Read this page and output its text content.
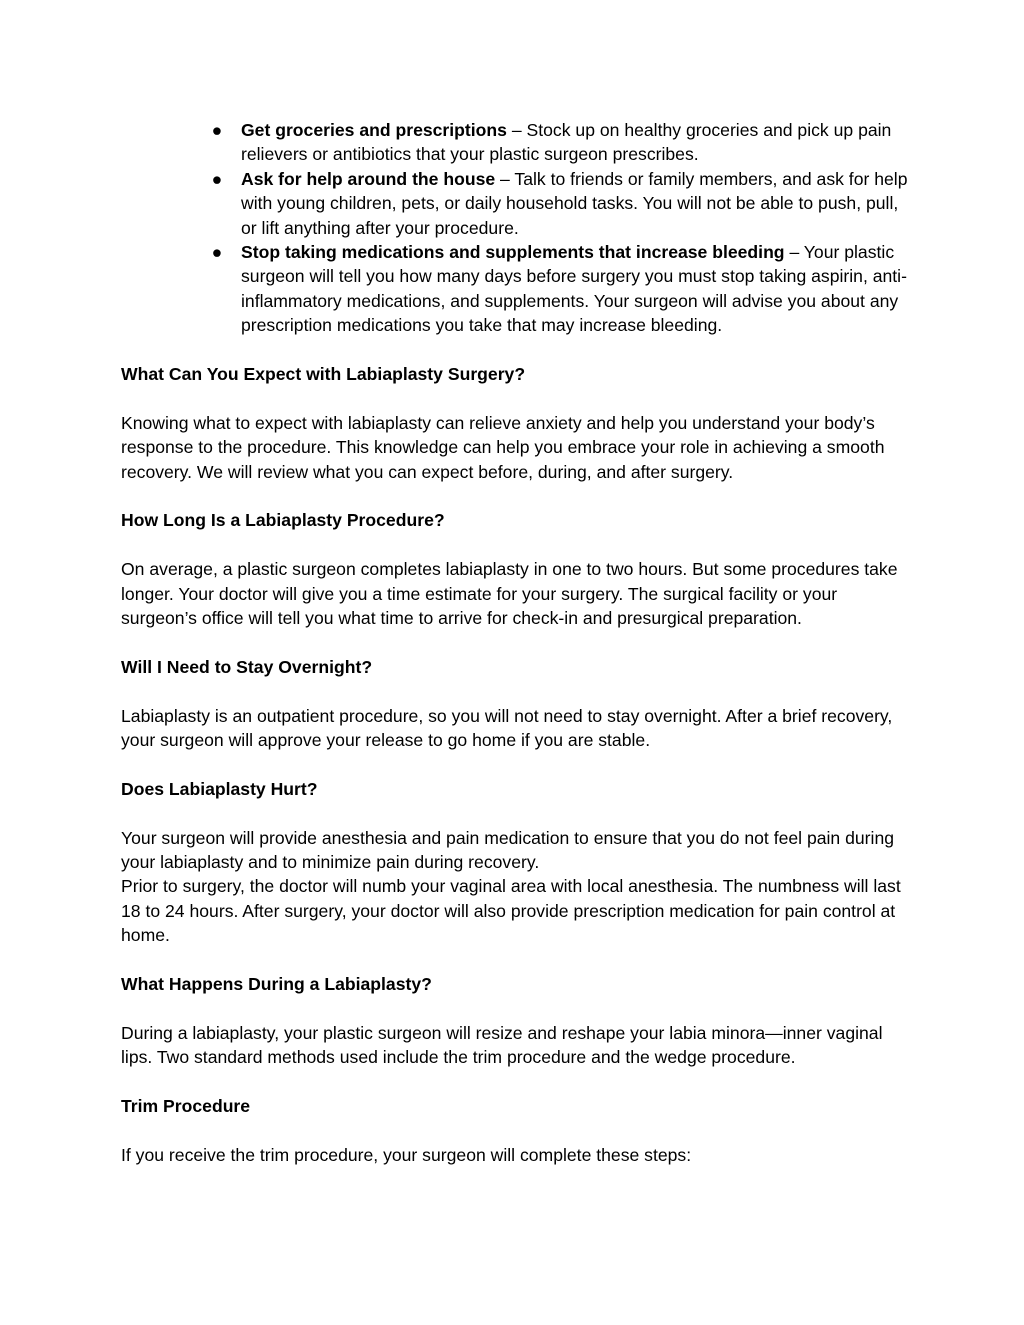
● Get groceries and prescriptions – Stock up on healthy groceries and pick up pain relievers or antibiotics that your plastic surgeon prescribes.
● Ask for help around the house – Talk to friends or family members, and ask for help with young children, pets, or daily household tasks. You will not be able to push, pull, or lift anything after your procedure.
● Stop taking medications and supplements that increase bleeding – Your plastic surgeon will tell you how many days before surgery you must stop taking aspirin, anti-inflammatory medications, and supplements. Your surgeon will advise you about any prescription medications you take that may increase bleeding.

What Can You Expect with Labiaplasty Surgery?

Knowing what to expect with labiaplasty can relieve anxiety and help you understand your body’s response to the procedure. This knowledge can help you embrace your role in achieving a smooth recovery. We will review what you can expect before, during, and after surgery.

How Long Is a Labiaplasty Procedure?

On average, a plastic surgeon completes labiaplasty in one to two hours. But some procedures take longer. Your doctor will give you a time estimate for your surgery. The surgical facility or your surgeon’s office will tell you what time to arrive for check-in and presurgical preparation.

Will I Need to Stay Overnight?

Labiaplasty is an outpatient procedure, so you will not need to stay overnight. After a brief recovery, your surgeon will approve your release to go home if you are stable.

Does Labiaplasty Hurt?

Your surgeon will provide anesthesia and pain medication to ensure that you do not feel pain during your labiaplasty and to minimize pain during recovery.

Prior to surgery, the doctor will numb your vaginal area with local anesthesia. The numbness will last 18 to 24 hours. After surgery, your doctor will also provide prescription medication for pain control at home.

What Happens During a Labiaplasty?

During a labiaplasty, your plastic surgeon will resize and reshape your labia minora—inner vaginal lips. Two standard methods used include the trim procedure and the wedge procedure.

Trim Procedure

If you receive the trim procedure, your surgeon will complete these steps:
